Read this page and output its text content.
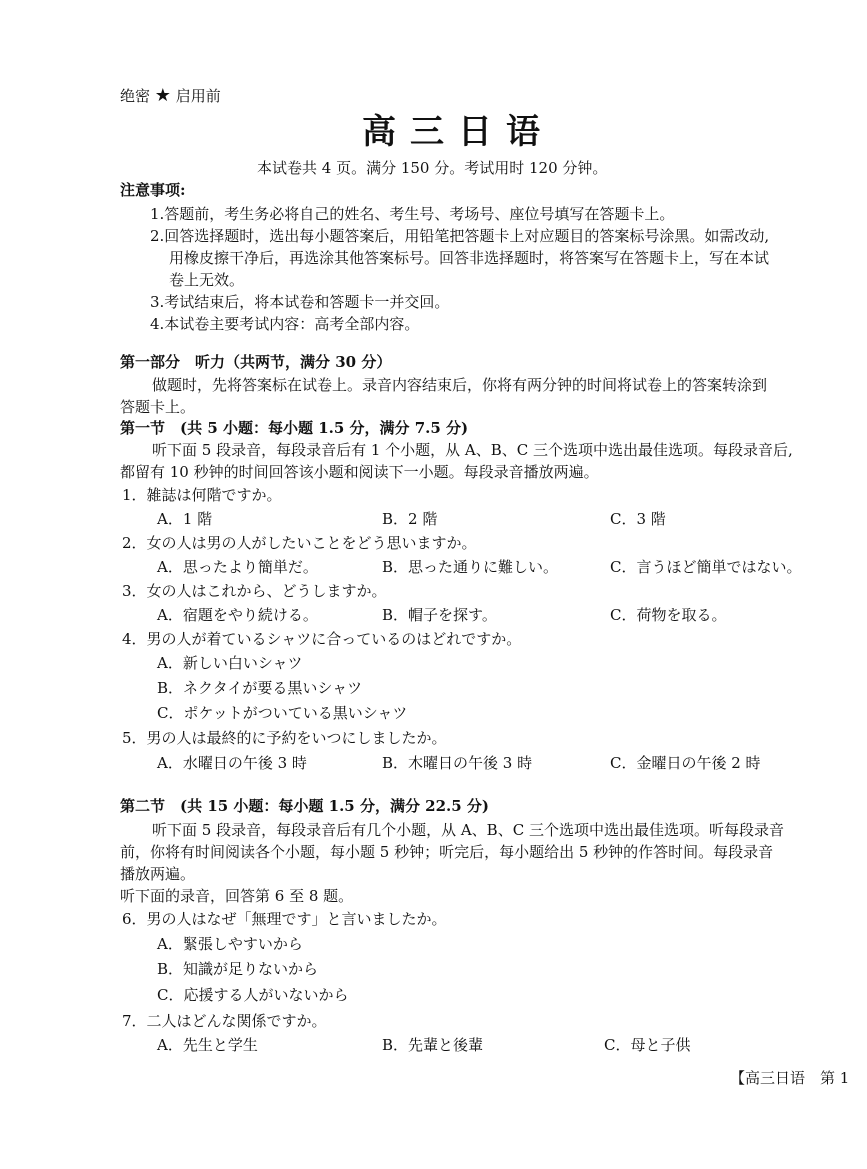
绝密 ★ 启用前
高三日语
本试卷共 4 页。满分 150 分。考试用时 120 分钟。
注意事项:
1.答题前，考生务必将自己的姓名、考生号、考场号、座位号填写在答题卡上。
2.回答选择题时，选出每小题答案后，用铅笔把答题卡上对应题目的答案标号涂黑。如需改动,
用橡皮擦干净后，再选涂其他答案标号。回答非选择题时，将答案写在答题卡上，写在本试
卷上无效。
3.考试结束后，将本试卷和答题卡一并交回。
4.本试卷主要考试内容：高考全部内容。
第一部分　听力（共两节，满分 30 分）
做题时，先将答案标在试卷上。录音内容结束后，你将有两分钟的时间将试卷上的答案转涂到
答题卡上。
第一节　(共 5 小题：每小题 1.5 分，满分 7.5 分)
听下面 5 段录音，每段录音后有 1 个小题，从 A、B、C 三个选项中选出最佳选项。每段录音后,
都留有 10 秒钟的时间回答该小题和阅读下一小题。每段录音播放两遍。
1．雑誌は何階ですか。
A．1 階	B．2 階	C．3 階
2．女の人は男の人がしたいことをどう思いますか。
A．思ったより簡単だ。	B．思った通りに難しい。	C．言うほど簡単ではない。
3．女の人はこれから、どうしますか。
A．宿題をやり続ける。	B．帽子を探す。	C．荷物を取る。
4．男の人が着ているシャツに合っているのはどれですか。
A．新しい白いシャツ
B．ネクタイが要る黒いシャツ
C．ポケットがついている黒いシャツ
5．男の人は最終的に予約をいつにしましたか。
A．水曜日の午後 3 時	B．木曜日の午後 3 時	C．金曜日の午後 2 時
第二节　(共 15 小题：每小题 1.5 分，满分 22.5 分)
听下面 5 段录音，每段录音后有几个小题，从 A、B、C 三个选项中选出最佳选项。听每段录音
前，你将有时间阅读各个小题，每小题 5 秒钟；听完后，每小题给出 5 秒钟的作答时间。每段录音
播放两遍。
听下面的录音，回答第 6 至 8 题。
6．男の人はなぜ「無理です」と言いましたか。
A．緊張しやすいから
B．知識が足りないから
C．応援する人がいないから
7．二人はどんな関係ですか。
A．先生と学生	B．先輩と後輩	C．母と子供
【高三日语　第 1
